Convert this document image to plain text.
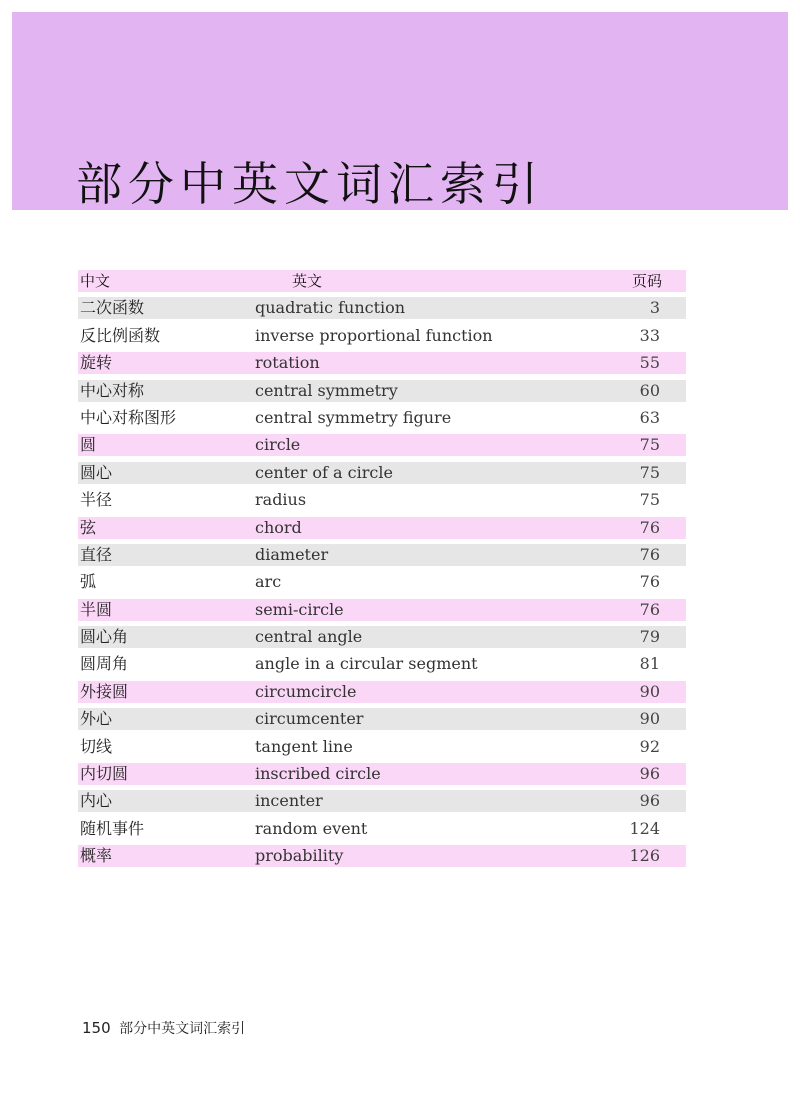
部分中英文词汇索引
中文	英文	页码
二次函数	quadratic function	3
反比例函数	inverse proportional function	33
旋转	rotation	55
中心对称	central symmetry	60
中心对称图形	central symmetry figure	63
圆	circle	75
圆心	center of a circle	75
半径	radius	75
弦	chord	76
直径	diameter	76
弧	arc	76
半圆	semi-circle	76
圆心角	central angle	79
圆周角	angle in a circular segment	81
外接圆	circumcircle	90
外心	circumcenter	90
切线	tangent line	92
内切圆	inscribed circle	96
内心	incenter	96
随机事件	random event	124
概率	probability	126
150 部分中英文词汇索引
